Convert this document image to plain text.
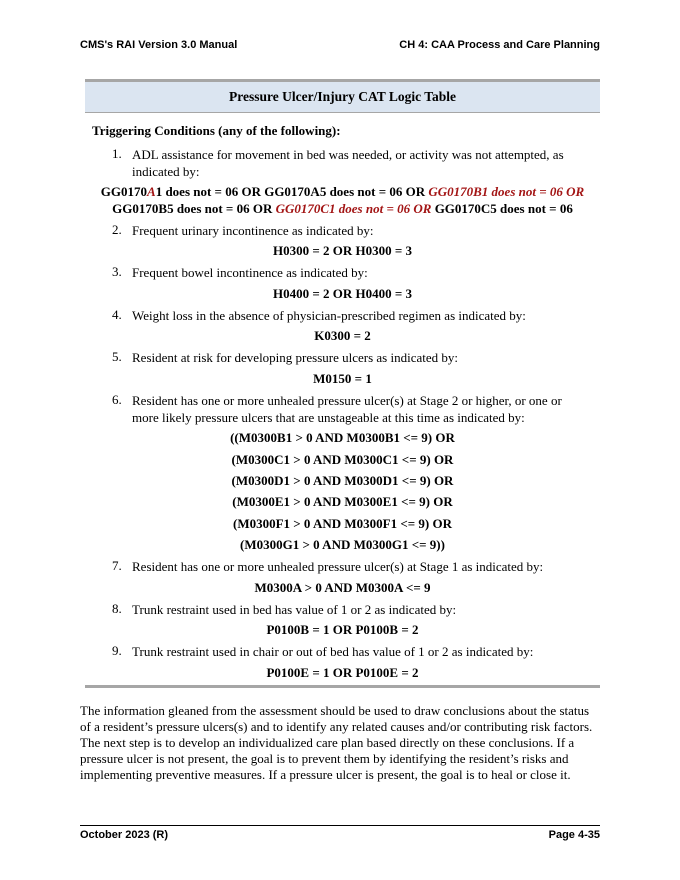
CMS's RAI Version 3.0 Manual	CH 4: CAA Process and Care Planning
Pressure Ulcer/Injury CAT Logic Table
Triggering Conditions (any of the following):
1. ADL assistance for movement in bed was needed, or activity was not attempted, as indicated by:
GG0170A1 does not = 06 OR GG0170A5 does not = 06 OR GG0170B1 does not = 06 OR
GG0170B5 does not = 06 OR GG0170C1 does not = 06 OR GG0170C5 does not = 06
2. Frequent urinary incontinence as indicated by:
H0300 = 2 OR H0300 = 3
3. Frequent bowel incontinence as indicated by:
H0400 = 2 OR H0400 = 3
4. Weight loss in the absence of physician-prescribed regimen as indicated by:
K0300 = 2
5. Resident at risk for developing pressure ulcers as indicated by:
M0150 = 1
6. Resident has one or more unhealed pressure ulcer(s) at Stage 2 or higher, or one or more likely pressure ulcers that are unstageable at this time as indicated by:
((M0300B1 > 0 AND M0300B1 <= 9) OR
(M0300C1 > 0 AND M0300C1 <= 9) OR
(M0300D1 > 0 AND M0300D1 <= 9) OR
(M0300E1 > 0 AND M0300E1 <= 9) OR
(M0300F1 > 0 AND M0300F1 <= 9) OR
(M0300G1 > 0 AND M0300G1 <= 9))
7. Resident has one or more unhealed pressure ulcer(s) at Stage 1 as indicated by:
M0300A > 0 AND M0300A <= 9
8. Trunk restraint used in bed has value of 1 or 2 as indicated by:
P0100B = 1 OR P0100B = 2
9. Trunk restraint used in chair or out of bed has value of 1 or 2 as indicated by:
P0100E = 1 OR P0100E = 2
The information gleaned from the assessment should be used to draw conclusions about the status of a resident’s pressure ulcers(s) and to identify any related causes and/or contributing risk factors. The next step is to develop an individualized care plan based directly on these conclusions. If a pressure ulcer is not present, the goal is to prevent them by identifying the resident’s risks and implementing preventive measures. If a pressure ulcer is present, the goal is to heal or close it.
October 2023 (R)	Page 4-35
